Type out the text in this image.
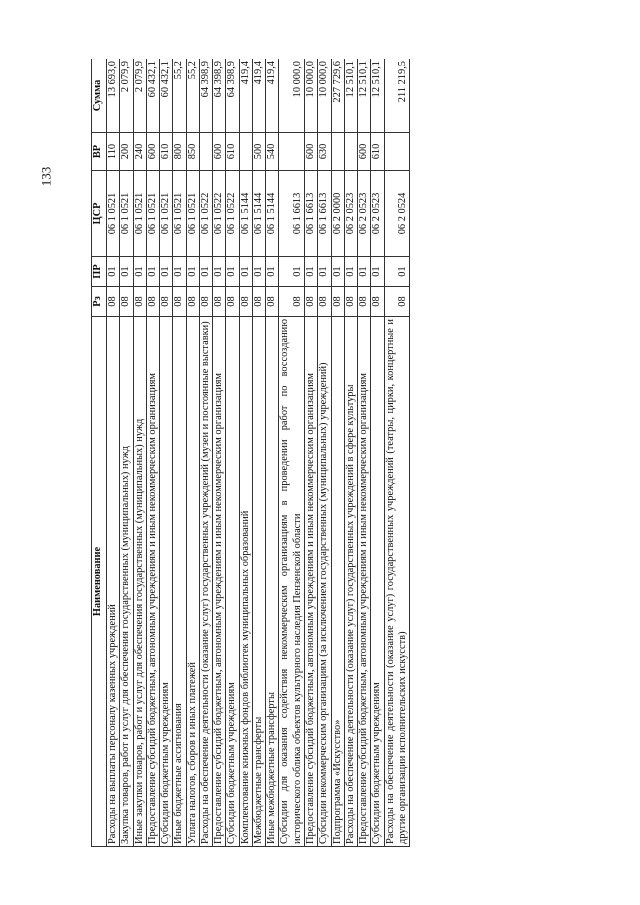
133
Наименование	Рз	ПР	ЦСР	ВР	Сумма
Расходы на выплаты персоналу казенных учреждений	08	01	06 1 0521	110	13 693,0
Закупка товаров, работ и услуг для обеспечения государственных (муниципальных) нужд	08	01	06 1 0521	200	2 079,9
Иные закупки товаров, работ и услуг для обеспечения государственных (муниципальных) нужд	08	01	06 1 0521	240	2 079,9
Предоставление субсидий бюджетным, автономным учреждениям и иным некоммерческим организациям	08	01	06 1 0521	600	60 432,1
Субсидии бюджетным учреждениям	08	01	06 1 0521	610	60 432,1
Иные бюджетные ассигнования	08	01	06 1 0521	800	55,2
Уплата налогов, сборов и иных платежей	08	01	06 1 0521	850	55,2
Расходы на обеспечение деятельности (оказание услуг) государственных учреждений (музеи и постоянные выставки)	08	01	06 1 0522		64 398,9
Предоставление субсидий бюджетным, автономным учреждениям и иным некоммерческим организациям	08	01	06 1 0522	600	64 398,9
Субсидии бюджетным учреждениям	08	01	06 1 0522	610	64 398,9
Комплектование книжных фондов библиотек муниципальных образований	08	01	06 1 5144		419,4
Межбюджетные трансферты	08	01	06 1 5144	500	419,4
Иные межбюджетные трансферты	08	01	06 1 5144	540	419,4
Субсидии для оказания содействия некоммерческим организациям в проведении работ по воссозданию исторического облика объектов культурного наследия Пензенской области	08	01	06 1 6613		10 000,0
Предоставление субсидий бюджетным, автономным учреждениям и иным некоммерческим организациям	08	01	06 1 6613	600	10 000,0
Субсидии некоммерческим организациям (за исключением государственных (муниципальных) учреждений)	08	01	06 1 6613	630	10 000,0
Подпрограмма «Искусство»	08	01	06 2 0000		227 729,6
Расходы на обеспечение деятельности (оказание услуг) государственных учреждений в сфере культуры	08	01	06 2 0523		12 510,1
Предоставление субсидий бюджетным, автономным учреждениям и иным некоммерческим организациям	08	01	06 2 0523	600	12 510,1
Субсидии бюджетным учреждениям	08	01	06 2 0523	610	12 510,1
Расходы на обеспечение деятельности (оказание услуг) государственных учреждений (театры, цирки, концертные и другие организации исполнительских искусств)	08	01	06 2 0524		211 219,5
